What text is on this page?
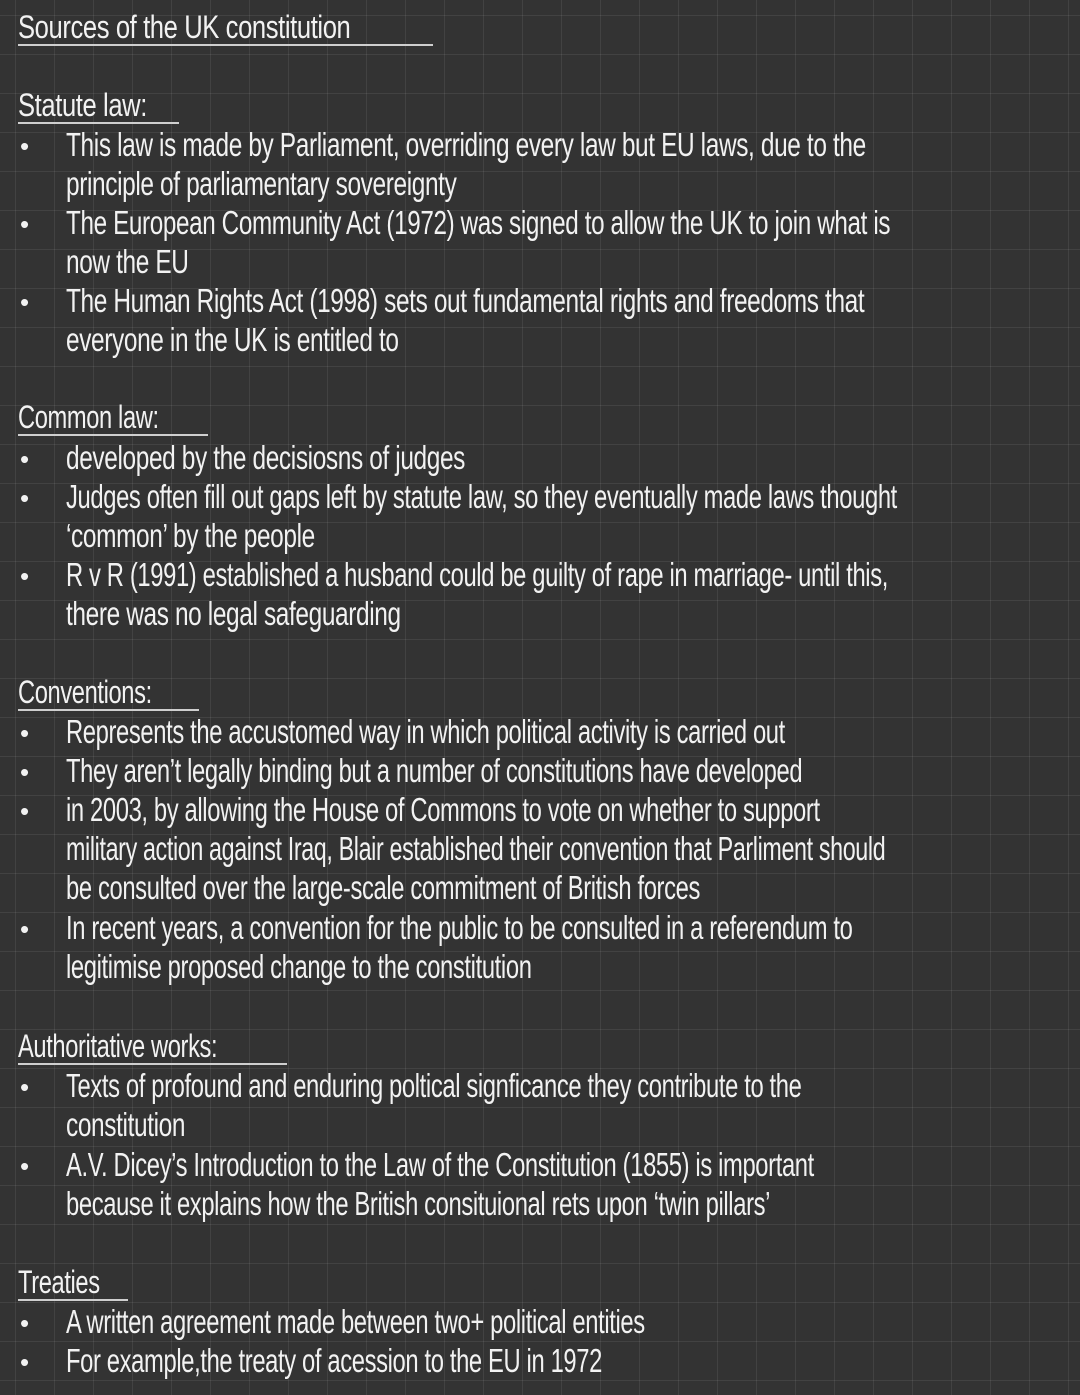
Sources of the UK constitution
Statute law:
• This law is made by Parliament, overriding every law but EU laws, due to the
principle of parliamentary sovereignty
• The European Community Act (1972) was signed to allow the UK to join what is
now the EU
• The Human Rights Act (1998) sets out fundamental rights and freedoms that
everyone in the UK is entitled to
Common law:
• developed by the decisiosns of judges
• Judges often fill out gaps left by statute law, so they eventually made laws thought
‘common’ by the people
• R v R (1991) established a husband could be guilty of rape in marriage- until this,
there was no legal safeguarding
Conventions:
• Represents the accustomed way in which political activity is carried out
• They aren’t legally binding but a number of constitutions have developed
• in 2003, by allowing the House of Commons to vote on whether to support
military action against Iraq, Blair established their convention that Parliment should
be consulted over the large-scale commitment of British forces
• In recent years, a convention for the public to be consulted in a referendum to
legitimise proposed change to the constitution
Authoritative works:
• Texts of profound and enduring poltical signficance they contribute to the
constitution
• A.V. Dicey’s Introduction to the Law of the Constitution (1855) is important
because it explains how the British consituional rets upon ‘twin pillars’
Treaties
• A written agreement made between two+ political entities
• For example,the treaty of acession to the EU in 1972
